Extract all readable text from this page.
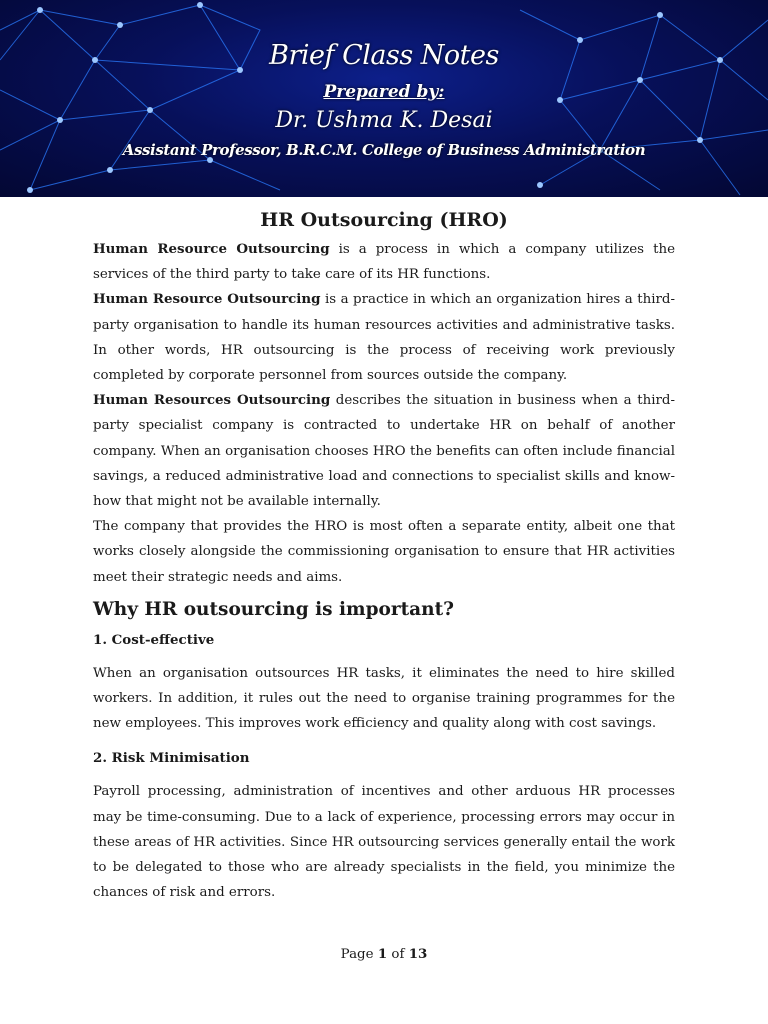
Brief Class Notes
Prepared by:
Dr. Ushma K. Desai
Assistant Professor, B.R.C.M. College of Business Administration
HR Outsourcing (HRO)

Human Resource Outsourcing is a process in which a company utilizes the services of the third party to take care of its HR functions.

Human Resource Outsourcing is a practice in which an organization hires a third-party organisation to handle its human resources activities and administrative tasks. In other words, HR outsourcing is the process of receiving work previously completed by corporate personnel from sources outside the company.

Human Resources Outsourcing describes the situation in business when a third-party specialist company is contracted to undertake HR on behalf of another company. When an organisation chooses HRO the benefits can often include financial savings, a reduced administrative load and connections to specialist skills and know-how that might not be available internally.

The company that provides the HRO is most often a separate entity, albeit one that works closely alongside the commissioning organisation to ensure that HR activities meet their strategic needs and aims.

Why HR outsourcing is important?
1. Cost-effective

When an organisation outsources HR tasks, it eliminates the need to hire skilled workers. In addition, it rules out the need to organise training programmes for the new employees. This improves work efficiency and quality along with cost savings.

2. Risk Minimisation

Payroll processing, administration of incentives and other arduous HR processes may be time-consuming. Due to a lack of experience, processing errors may occur in these areas of HR activities. Since HR outsourcing services generally entail the work to be delegated to those who are already specialists in the field, you minimize the chances of risk and errors.

Page 1 of 13
